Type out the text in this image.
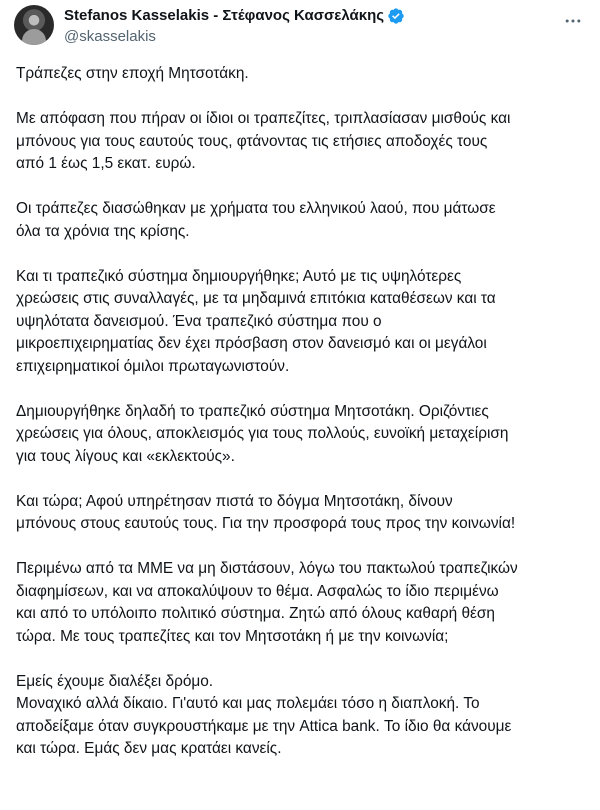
Stefanos Kasselakis - Στέφανος Κασσελάκης
@skasselakis

Τράπεζες στην εποχή Μητσοτάκη.

Με απόφαση που πήραν οι ίδιοι οι τραπεζίτες, τριπλασίασαν μισθούς και
μπόνους για τους εαυτούς τους, φτάνοντας τις ετήσιες αποδοχές τους
από 1 έως 1,5 εκατ. ευρώ.

Οι τράπεζες διασώθηκαν με χρήματα του ελληνικού λαού, που μάτωσε
όλα τα χρόνια της κρίσης.

Και τι τραπεζικό σύστημα δημιουργήθηκε; Αυτό με τις υψηλότερες
χρεώσεις στις συναλλαγές, με τα μηδαμινά επιτόκια καταθέσεων και τα
υψηλότατα δανεισμού. Ένα τραπεζικό σύστημα που ο
μικροεπιχειρηματίας δεν έχει πρόσβαση στον δανεισμό και οι μεγάλοι
επιχειρηματικοί όμιλοι πρωταγωνιστούν.

Δημιουργήθηκε δηλαδή το τραπεζικό σύστημα Μητσοτάκη. Οριζόντιες
χρεώσεις για όλους, αποκλεισμός για τους πολλούς, ευνοϊκή μεταχείριση
για τους λίγους και «εκλεκτούς».

Και τώρα; Αφού υπηρέτησαν πιστά το δόγμα Μητσοτάκη, δίνουν
μπόνους στους εαυτούς τους. Για την προσφορά τους προς την κοινωνία!

Περιμένω από τα ΜΜΕ να μη διστάσουν, λόγω του πακτωλού τραπεζικών
διαφημίσεων, και να αποκαλύψουν το θέμα. Ασφαλώς το ίδιο περιμένω
και από το υπόλοιπο πολιτικό σύστημα. Ζητώ από όλους καθαρή θέση
τώρα. Με τους τραπεζίτες και τον Μητσοτάκη ή με την κοινωνία;

Εμείς έχουμε διαλέξει δρόμο.
Μοναχικό αλλά δίκαιο. Γι'αυτό και μας πολεμάει τόσο η διαπλοκή. Το
αποδείξαμε όταν συγκρουστήκαμε με την Attica bank. Το ίδιο θα κάνουμε
και τώρα. Εμάς δεν μας κρατάει κανείς.
